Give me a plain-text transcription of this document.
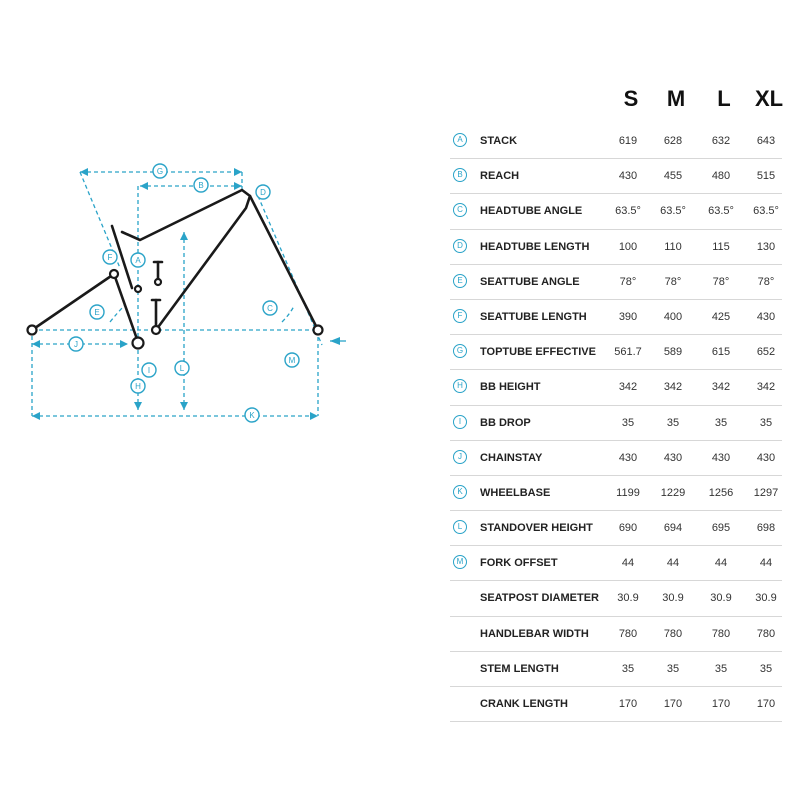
A
B
C
D
E
F
G
H
I
J
K
L
M
S	M	L	XL
A	STACK	619	628	632	643
B	REACH	430	455	480	515
C	HEADTUBE ANGLE	63.5°	63.5°	63.5°	63.5°
D	HEADTUBE LENGTH	100	110	115	130
E	SEATTUBE ANGLE	78°	78°	78°	78°
F	SEATTUBE LENGTH	390	400	425	430
G	TOPTUBE EFFECTIVE	561.7	589	615	652
H	BB HEIGHT	342	342	342	342
I	BB DROP	35	35	35	35
J	CHAINSTAY	430	430	430	430
K	WHEELBASE	1199	1229	1256	1297
L	STANDOVER HEIGHT	690	694	695	698
M	FORK OFFSET	44	44	44	44
SEATPOST DIAMETER	30.9	30.9	30.9	30.9
HANDLEBAR WIDTH	780	780	780	780
STEM LENGTH	35	35	35	35
CRANK LENGTH	170	170	170	170
